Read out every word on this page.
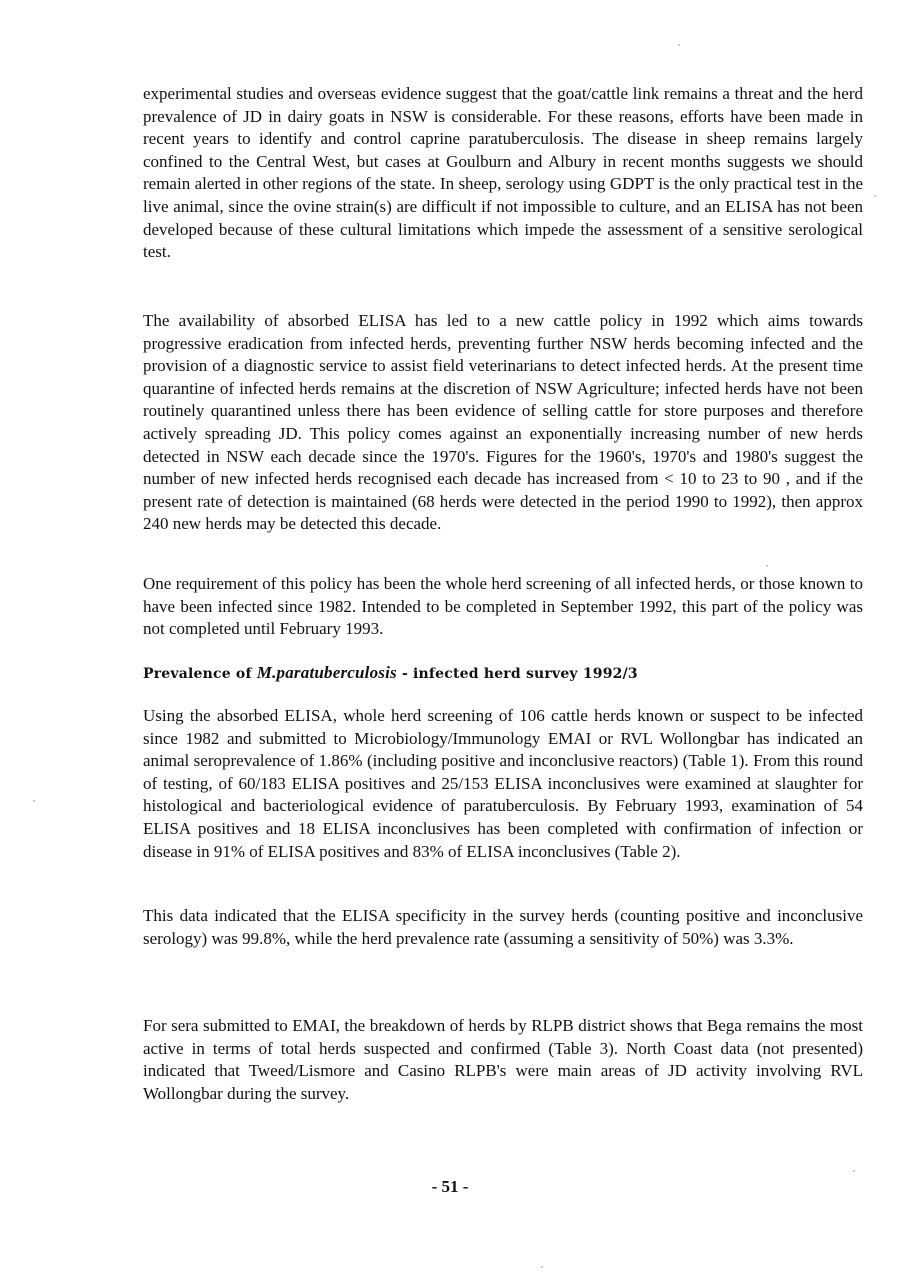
experimental studies and overseas evidence suggest that the goat/cattle link remains a threat and the herd prevalence of JD in dairy goats in NSW is considerable. For these reasons, efforts have been made in recent years to identify and control caprine paratuberculosis. The disease in sheep remains largely confined to the Central West, but cases at Goulburn and Albury in recent months suggests we should remain alerted in other regions of the state. In sheep, serology using GDPT is the only practical test in the live animal, since the ovine strain(s) are difficult if not impossible to culture, and an ELISA has not been developed because of these cultural limitations which impede the assessment of a sensitive serological test.

The availability of absorbed ELISA has led to a new cattle policy in 1992 which aims towards progressive eradication from infected herds, preventing further NSW herds becoming infected and the provision of a diagnostic service to assist field veterinarians to detect infected herds. At the present time quarantine of infected herds remains at the discretion of NSW Agriculture; infected herds have not been routinely quarantined unless there has been evidence of selling cattle for store purposes and therefore actively spreading JD. This policy comes against an exponentially increasing number of new herds detected in NSW each decade since the 1970's. Figures for the 1960's, 1970's and 1980's suggest the number of new infected herds recognised each decade has increased from < 10 to 23 to 90 , and if the present rate of detection is maintained (68 herds were detected in the period 1990 to 1992), then approx 240 new herds may be detected this decade.

One requirement of this policy has been the whole herd screening of all infected herds, or those known to have been infected since 1982. Intended to be completed in September 1992, this part of the policy was not completed until February 1993.

Prevalence of M.paratuberculosis - infected herd survey 1992/3

Using the absorbed ELISA, whole herd screening of 106 cattle herds known or suspect to be infected since 1982 and submitted to Microbiology/Immunology EMAI or RVL Wollongbar has indicated an animal seroprevalence of 1.86% (including positive and inconclusive reactors) (Table 1). From this round of testing, of 60/183 ELISA positives and 25/153 ELISA inconclusives were examined at slaughter for histological and bacteriological evidence of paratuberculosis. By February 1993, examination of 54 ELISA positives and 18 ELISA inconclusives has been completed with confirmation of infection or disease in 91% of ELISA positives and 83% of ELISA inconclusives (Table 2).

This data indicated that the ELISA specificity in the survey herds (counting positive and inconclusive serology) was 99.8%, while the herd prevalence rate (assuming a sensitivity of 50%) was 3.3%.

For sera submitted to EMAI, the breakdown of herds by RLPB district shows that Bega remains the most active in terms of total herds suspected and confirmed (Table 3). North Coast data (not presented) indicated that Tweed/Lismore and Casino RLPB's were main areas of JD activity involving RVL Wollongbar during the survey.

- 51 -
